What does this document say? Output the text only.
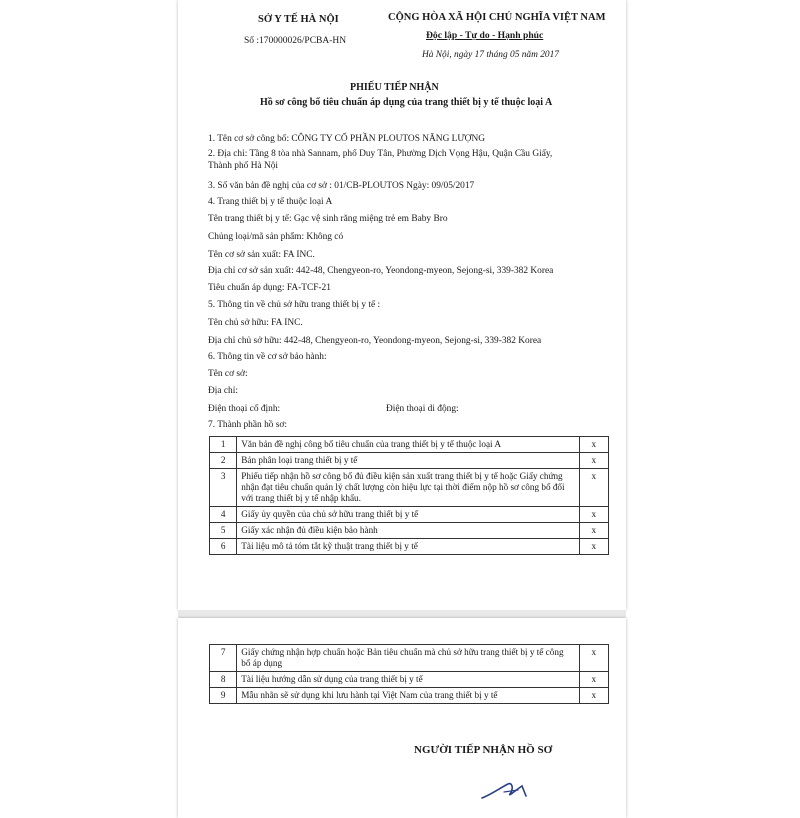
SỞ Y TẾ HÀ NỘI
Số :170000026/PCBA-HN
CỘNG HÒA XÃ HỘI CHỦ NGHĨA VIỆT NAM
Độc lập - Tự do - Hạnh phúc
Hà Nội, ngày 17 tháng 05 năm 2017
PHIẾU TIẾP NHẬN
Hồ sơ công bố tiêu chuẩn áp dụng của trang thiết bị y tế thuộc loại A
1. Tên cơ sở công bố: CÔNG TY CỔ PHẦN PLOUTOS NĂNG LƯỢNG
2. Địa chỉ: Tầng 8 tòa nhà Sannam, phố Duy Tân, Phường Dịch Vọng Hậu, Quận Cầu Giấy,
Thành phố Hà Nội
3. Số văn bản đề nghị của cơ sở : 01/CB-PLOUTOS Ngày: 09/05/2017
4. Trang thiết bị y tế thuộc loại A
Tên trang thiết bị y tế: Gạc vệ sinh răng miệng trẻ em Baby Bro
Chủng loại/mã sản phẩm: Không có
Tên cơ sở sản xuất: FA INC.
Địa chỉ cơ sở sản xuất: 442-48, Chengyeon-ro, Yeondong-myeon, Sejong-si, 339-382 Korea
Tiêu chuẩn áp dụng: FA-TCF-21
5. Thông tin về chủ sở hữu trang thiết bị y tế :
Tên chủ sở hữu: FA INC.
Địa chỉ chủ sở hữu: 442-48, Chengyeon-ro, Yeondong-myeon, Sejong-si, 339-382 Korea
6. Thông tin về cơ sở bảo hành:
Tên cơ sở:
Địa chỉ:
Điện thoại cố định:	Điện thoại di động:
7. Thành phần hồ sơ:
1	Văn bản đề nghị công bố tiêu chuẩn của trang thiết bị y tế thuộc loại A	x
2	Bản phân loại trang thiết bị y tế	x
3	Phiếu tiếp nhận hồ sơ công bố đủ điều kiện sản xuất trang thiết bị y tế hoặc Giấy chứng nhận đạt tiêu chuẩn quản lý chất lượng còn hiệu lực tại thời điểm nộp hồ sơ công bố đối với trang thiết bị y tế nhập khẩu.	x
4	Giấy ủy quyền của chủ sở hữu trang thiết bị y tế	x
5	Giấy xác nhận đủ điều kiện bảo hành	x
6	Tài liệu mô tả tóm tắt kỹ thuật trang thiết bị y tế	x
7	Giấy chứng nhận hợp chuẩn hoặc Bản tiêu chuẩn mà chủ sở hữu trang thiết bị y tế công bố áp dụng	x
8	Tài liệu hướng dẫn sử dụng của trang thiết bị y tế	x
9	Mẫu nhãn sẽ sử dụng khi lưu hành tại Việt Nam của trang thiết bị y tế	x
NGƯỜI TIẾP NHẬN HỒ SƠ
